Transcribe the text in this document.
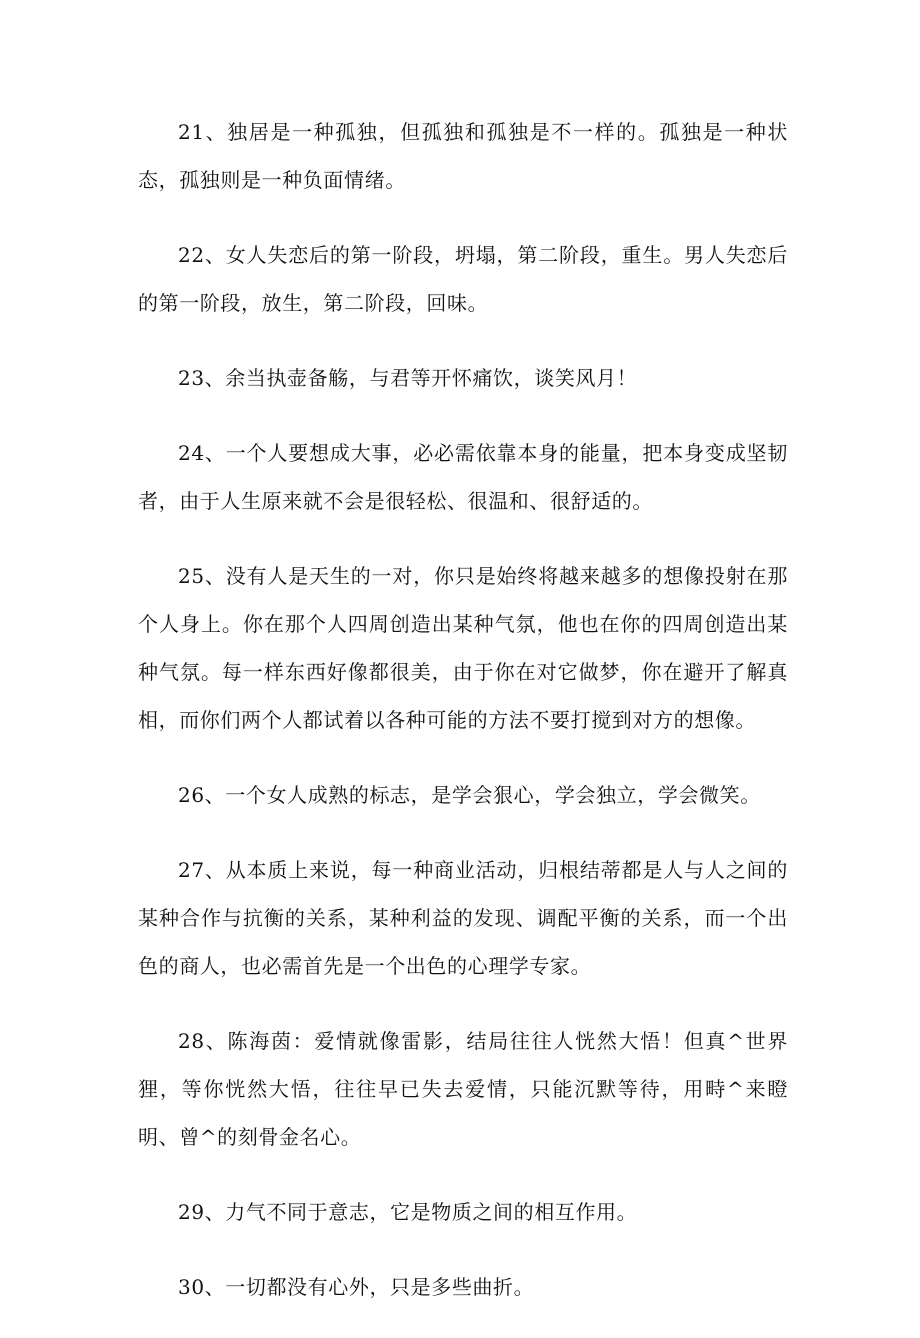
21、独居是一种孤独，但孤独和孤独是不一样的。孤独是一种状态，孤独则是一种负面情绪。

22、女人失恋后的第一阶段，坍塌，第二阶段，重生。男人失恋后的第一阶段，放生，第二阶段，回味。

23、余当执壶备觞，与君等开怀痛饮，谈笑风月！

24、一个人要想成大事，必必需依靠本身的能量，把本身变成坚韧者，由于人生原来就不会是很轻松、很温和、很舒适的。

25、没有人是天生的一对，你只是始终将越来越多的想像投射在那个人身上。你在那个人四周创造出某种气氛，他也在你的四周创造出某种气氛。每一样东西好像都很美，由于你在对它做梦，你在避开了解真相，而你们两个人都试着以各种可能的方法不要打搅到对方的想像。

26、一个女人成熟的标志，是学会狠心，学会独立，学会微笑。

27、从本质上来说，每一种商业活动，归根结蒂都是人与人之间的某种合作与抗衡的关系，某种利益的发现、调配平衡的关系，而一个出色的商人，也必需首先是一个出色的心理学专家。

28、陈海茵：爱情就像雷影，结局往往人恍然大悟！但真^世界狸，等你恍然大悟，往往早已失去爱情，只能沉默等待，用畤^来瞪明、曾^的刻骨金名心。

29、力气不同于意志，它是物质之间的相互作用。

30、一切都没有心外，只是多些曲折。
